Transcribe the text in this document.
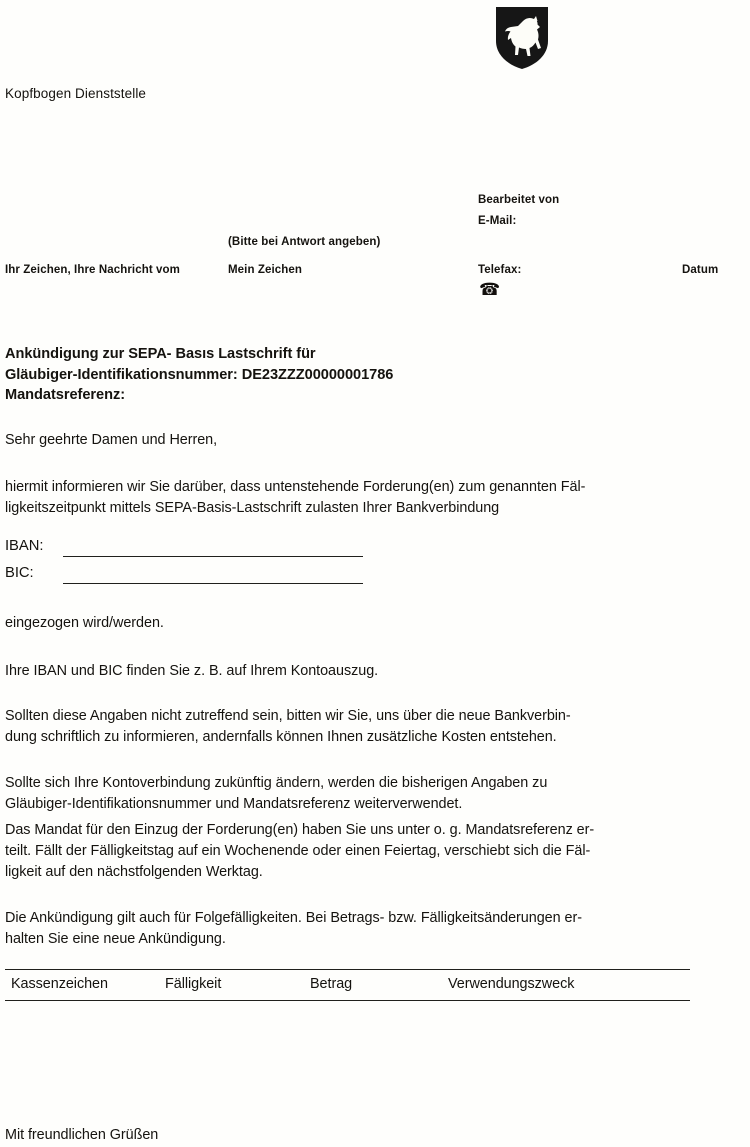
Kopfbogen Dienststelle
Bearbeitet von
E-Mail:
(Bitte bei Antwort angeben)
Ihr Zeichen, Ihre Nachricht vom	Mein Zeichen	Telefax:	Datum
☎
Ankündigung zur SEPA- Basıs Lastschrift für
Gläubiger-Identifikationsnummer: DE23ZZZ00000001786
Mandatsreferenz:
Sehr geehrte Damen und Herren,
hiermit informieren wir Sie darüber, dass untenstehende Forderung(en) zum genannten Fäl-
ligkeitszeitpunkt mittels SEPA-Basis-Lastschrift zulasten Ihrer Bankverbindung
IBAN:
BIC:
eingezogen wird/werden.
Ihre IBAN und BIC finden Sie z. B. auf Ihrem Kontoauszug.
Sollten diese Angaben nicht zutreffend sein, bitten wir Sie, uns über die neue Bankverbin-
dung schriftlich zu informieren, andernfalls können Ihnen zusätzliche Kosten entstehen.
Sollte sich Ihre Kontoverbindung zukünftig ändern, werden die bisherigen Angaben zu
Gläubiger-Identifikationsnummer und Mandatsreferenz weiterverwendet.
Das Mandat für den Einzug der Forderung(en) haben Sie uns unter o. g. Mandatsreferenz er-
teilt. Fällt der Fälligkeitstag auf ein Wochenende oder einen Feiertag, verschiebt sich die Fäl-
ligkeit auf den nächstfolgenden Werktag.
Die Ankündigung gilt auch für Folgefälligkeiten. Bei Betrags- bzw. Fälligkeitsänderungen er-
halten Sie eine neue Ankündigung.
Kassenzeichen	Fälligkeit	Betrag	Verwendungszweck
Mit freundlichen Grüßen
